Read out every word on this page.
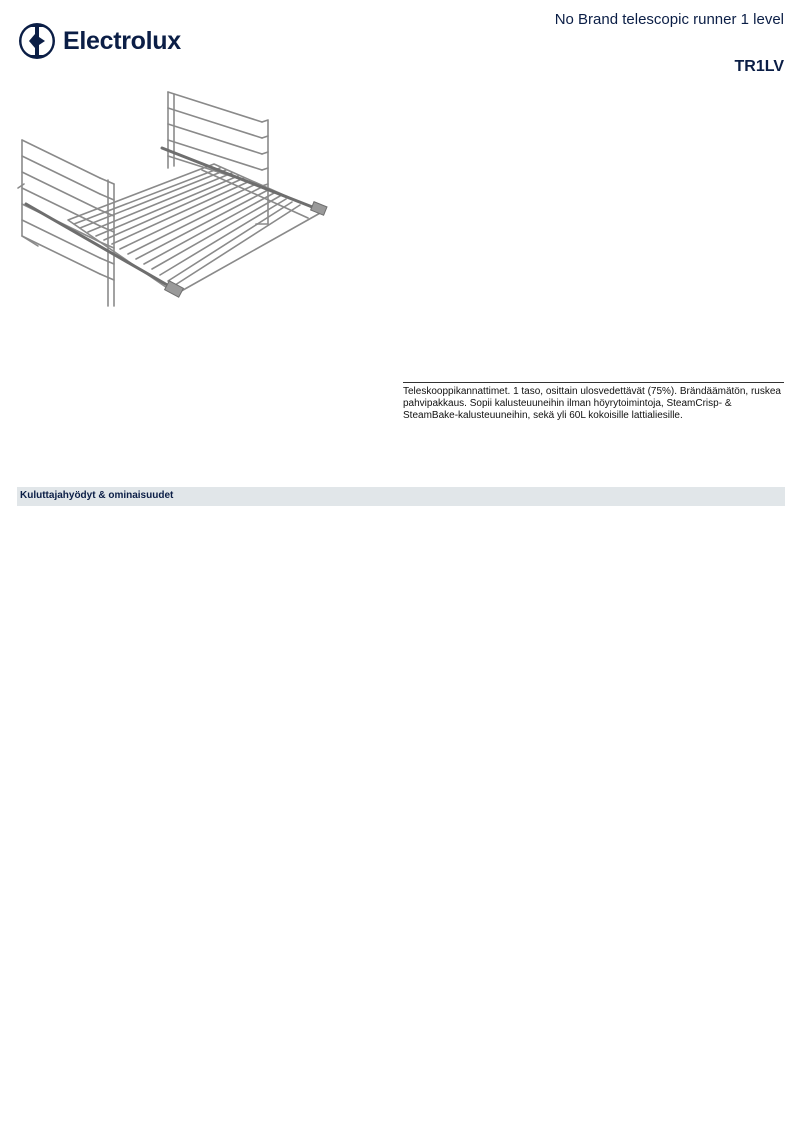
Electrolux
No Brand telescopic runner 1 level
TR1LV
Teleskooppikannattimet. 1 taso, osittain ulosvedettävät (75%). Brändäämätön, ruskea pahvipakkaus. Sopii kalusteuuneihin ilman höyrytoimintoja, SteamCrisp- & SteamBake-kalusteuuneihin, sekä yli 60L kokoisille lattialiesille.
Kuluttajahyödyt & ominaisuudet
